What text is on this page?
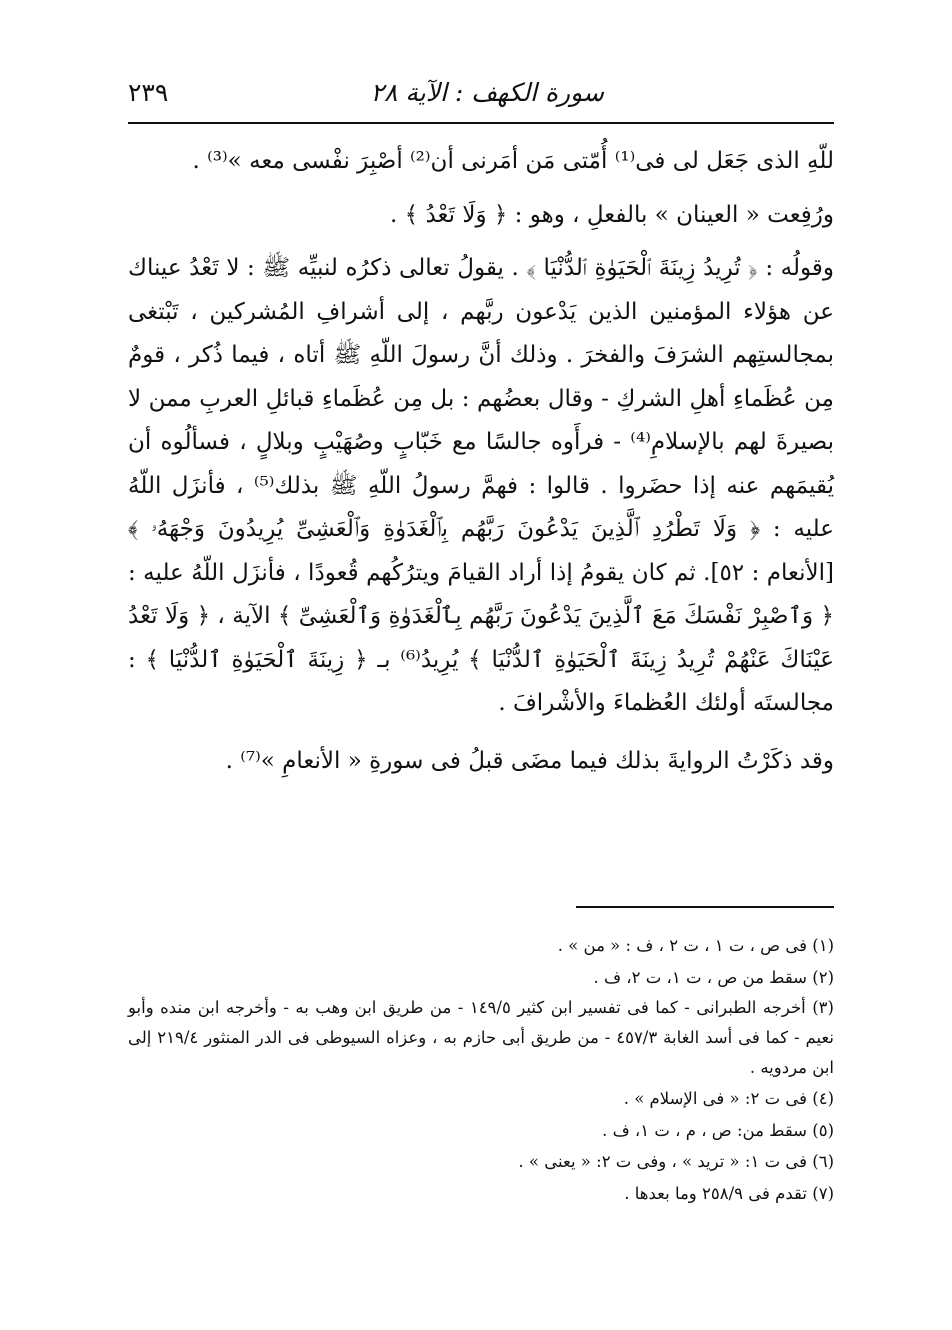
سورة الكهف : الآية ٢٨
٢٣٩

للّهِ الذى جَعَل لى فى⁽¹⁾ أُمّتى مَن أمَرنى أن⁽²⁾ أصْبِرَ نفْسى معه »⁽³⁾ .

ورُفِعت « العينان » بالفعلِ ، وهو : ﴿ وَلَا تَعْدُ ﴾ .

وقولُه : ﴿ تُرِيدُ زِينَةَ ٱلْحَيَوٰةِ ٱلدُّنْيَا ﴾ . يقولُ تعالى ذكرُه لنبيِّه ﷺ : لا تَعْدُ عيناك عن هؤلاء المؤمنين الذين يَدْعون ربَّهم ، إلى أشرافِ المُشركين ، تَبْتغى بمجالستِهم الشرَفَ والفخرَ . وذلك أنَّ رسولَ اللّهِ ﷺ أتاه ، فيما ذُكر ، قومٌ مِن عُظَماءِ أهلِ الشركِ - وقال بعضُهم : بل مِن عُظَماءِ قبائلِ العربِ ممن لا بصيرةَ لهم بالإسلامِ⁽⁴⁾ - فرأَوه جالسًا مع خَبّابٍ وصُهَيْبٍ وبلالٍ ، فسألُوه أن يُقيمَهم عنه إذا حضَروا . قالوا : فهمَّ رسولُ اللّهِ ﷺ بذلك⁽⁵⁾ ، فأنزَل اللّهُ عليه : ﴿ وَلَا تَطْرُدِ ٱلَّذِينَ يَدْعُونَ رَبَّهُم بِٱلْغَدَوٰةِ وَٱلْعَشِىِّ يُرِيدُونَ وَجْهَهُۥ ﴾ [الأنعام : ٥٢]. ثم كان يقومُ إذا أراد القيامَ ويترُكُهم قُعودًا ، فأنزَل اللّهُ عليه : ﴿ وَٱصْبِرْ نَفْسَكَ مَعَ ٱلَّذِينَ يَدْعُونَ رَبَّهُم بِٱلْغَدَوٰةِ وَٱلْعَشِىِّ ﴾ الآية ، ﴿ وَلَا تَعْدُ عَيْنَاكَ عَنْهُمْ تُرِيدُ زِينَةَ ٱلْحَيَوٰةِ ٱلدُّنْيَا ﴾ يُرِيدُ⁽⁶⁾ بـ ﴿ زِينَةَ ٱلْحَيَوٰةِ ٱلدُّنْيَا ﴾ : مجالستَه أولئك العُظماءَ والأشْرافَ .

وقد ذكَرْتُ الروايةَ بذلك فيما مضَى قبلُ فى سورةِ « الأنعامِ »⁽⁷⁾ .

(١) فى ص ، ت ١ ، ت ٢ ، ف : « من » .

(٢) سقط من ص ، ت ١، ت ٢، ف .

(٣) أخرجه الطبرانى - كما فى تفسير ابن كثير ١٤٩/٥ - من طريق ابن وهب به - وأخرجه ابن منده وأبو نعيم - كما فى أسد الغابة ٤٥٧/٣ - من طريق أبى حازم به ، وعزاه السيوطى فى الدر المنثور ٢١٩/٤ إلى ابن مردويه .

(٤) فى ت ٢: « فى الإسلام » .

(٥) سقط من: ص ، م ، ت ١، ف .

(٦) فى ت ١: « تريد » ، وفى ت ٢: « يعنى » .

(٧) تقدم فى ٢٥٨/٩ وما بعدها .
